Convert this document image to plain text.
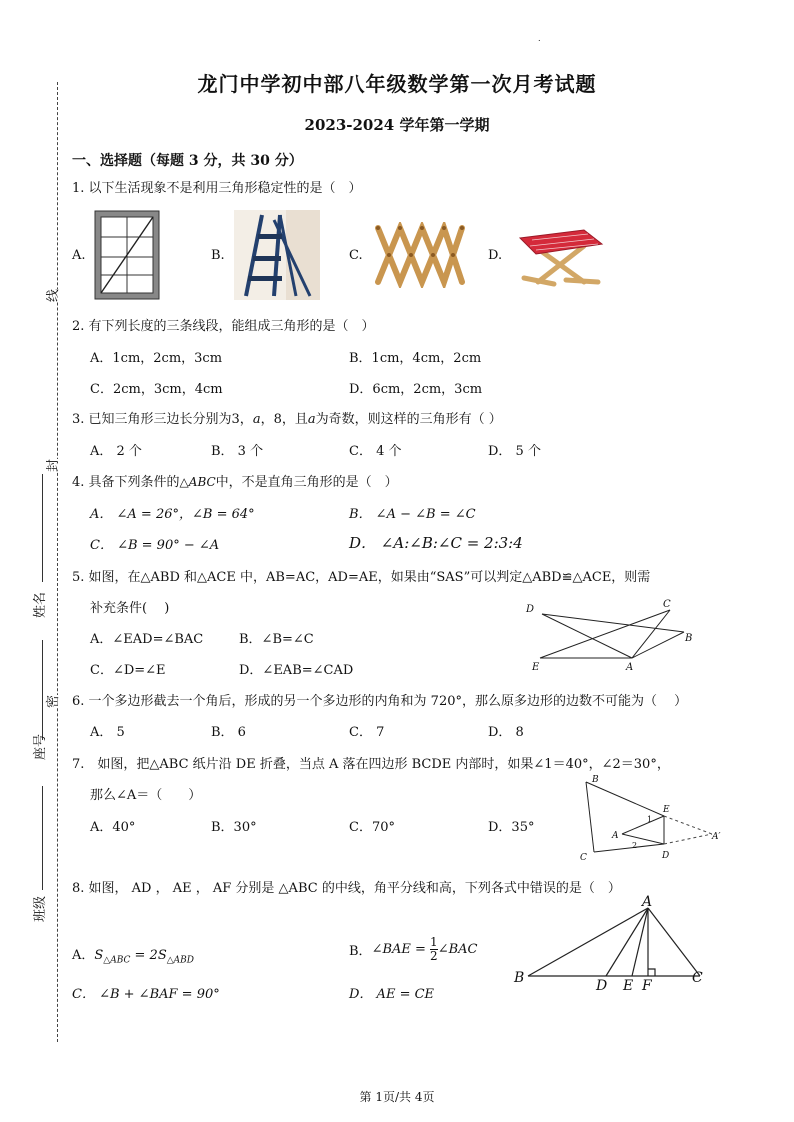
线
封
密
姓名
座号
班级
.
龙门中学初中部八年级数学第一次月考试题
2023-2024 学年第一学期
一、选择题（每题 3 分，共 30 分）
1. 以下生活现象不是利用三角形稳定性的是（　）
A.	B.	C.	D.
2. 有下列长度的三条线段，能组成三角形的是（　）
A．1cm，2cm，3cm	B．1cm，4cm，2cm
C．2cm，3cm，4cm	D．6cm，2cm，3cm
3. 已知三角形三边长分别为3，a，8，且a为奇数，则这样的三角形有（ ）
A． 2 个	B． 3 个	C． 4 个	D． 5 个
4. 具备下列条件的△ABC中，不是直角三角形的是（　）
A． ∠A = 26°，∠B = 64°	B． ∠A − ∠B = ∠C
C． ∠B = 90° − ∠A	D． ∠A:∠B:∠C = 2:3:4
5. 如图，在△ABD 和△ACE 中，AB=AC，AD=AE，如果由“SAS”可以判定△ABD≌△ACE，则需
补充条件(　 )
A．∠EAD=∠BAC	B．∠B=∠C
C．∠D=∠E	D．∠EAB=∠CAD
D	C
B
E	A
6. 一个多边形截去一个角后，形成的另一个多边形的内角和为 720°，那么原多边形的边数不可能为（　 ）
A． 5	B． 6	C． 7	D． 8
7.　如图，把△ABC 纸片沿 DE 折叠，当点 A 落在四边形 BCDE 内部时，如果∠1＝40°，∠2＝30°，
那么∠A＝（　　）
A．40°	B．30°	C．70°	D．35°
B
E
1
A
2
A′
D
C
8. 如图， AD ， AE ， AF 分别是 △ABC 的中线，角平分线和高，下列各式中错误的是（　）
A．$S_{\triangle ABC} = 2S_{\triangle ABD}$
B．∠BAE = $\frac{1}{2}$ ∠BAC
C． ∠B + ∠BAF = 90°	D． AE = CE
A
B	D E F	C
第 1页/共 4页
